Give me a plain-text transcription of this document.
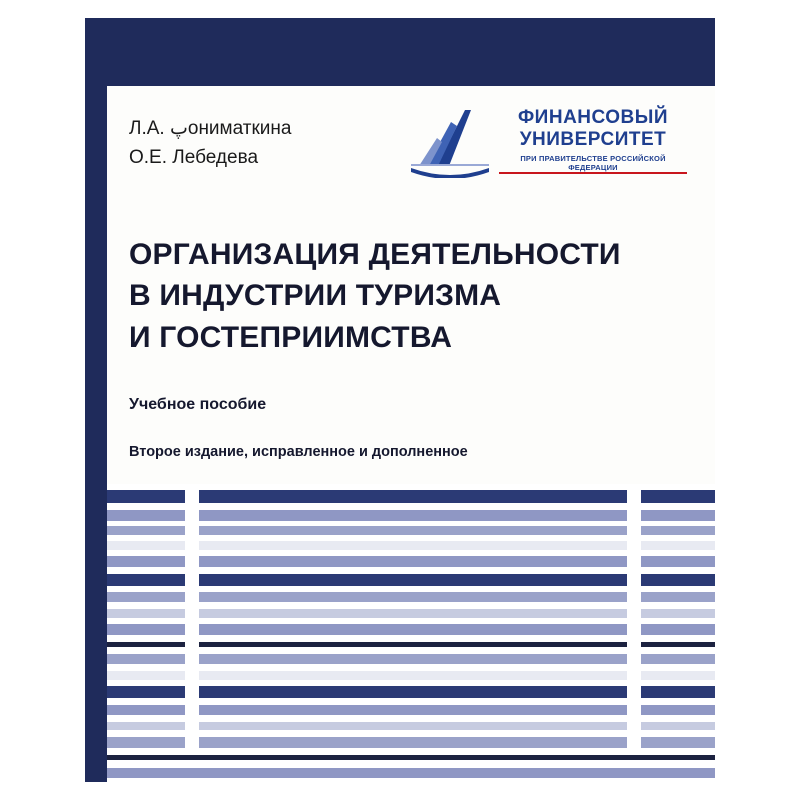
Л.А. پониматкина
О.Е. Лебедева
ФИНАНСОВЫЙ
УНИВЕРСИТЕТ
ПРИ ПРАВИТЕЛЬСТВЕ РОССИЙСКОЙ ФЕДЕРАЦИИ
ОРГАНИЗАЦИЯ ДЕЯТЕЛЬНОСТИ
В ИНДУСТРИИ ТУРИЗМА
И ГОСТЕПРИИМСТВА
Учебное пособие
Второе издание, исправленное и дополненное
